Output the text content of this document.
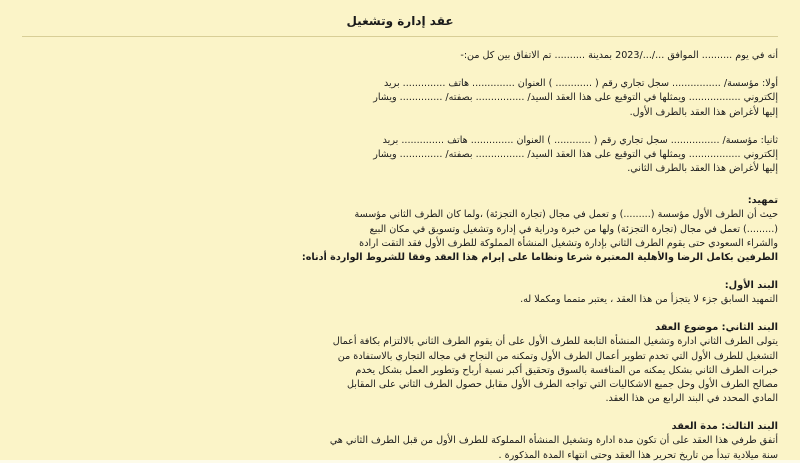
عقد إدارة وتشغيل
أنه في يوم .......... الموافق .../.../2023 بمدينة .......... تم الاتفاق بين كل من:-
أولا: مؤسسة/ ................ سجل تجاري رقم ( ............ ) العنوان .............. هاتف .............. بريد
إلكتروني ................. ويمثلها في التوقيع على هذا العقد السيد/ ................ بصفته/ .............. ويشار
إليها لأغراض هذا العقد بالطرف الأول.
ثانيا: مؤسسة/ ................ سجل تجاري رقم ( ............ ) العنوان .............. هاتف .............. بريد
إلكتروني ................. ويمثلها في التوقيع على هذا العقد السيد/ ................ بصفته/ .............. ويشار
إليها لأغراض هذا العقد بالطرف الثاني.
تمهيد:
حيث أن الطرف الأول مؤسسة (.........) و تعمل في مجال (تجارة التجزئة) ،ولما كان الطرف الثاني مؤسسة
(.........) تعمل في مجال (تجارة التجزئة) ولها من خبرة ودراية في إدارة وتشغيل وتسويق في مكان البيع
والشراء السعودي حتى يقوم الطرف الثاني بإدارة وتشغيل المنشأة المملوكة للطرف الأول فقد التقت ارادة
الطرفين بكامل الرضا والأهلية المعتبرة شرعا ونظاما على إبرام هذا العقد وفقا للشروط الواردة أدناه:
البند الأول:
التمهيد السابق جزء لا يتجزأ من هذا العقد ، يعتبر متمما ومكملا له.
البند الثاني: موضوع العقد
يتولى الطرف الثاني ادارة وتشغيل المنشأة التابعة للطرف الأول على أن يقوم الطرف الثاني بالالتزام بكافة أعمال
التشغيل للطرف الأول التي تخدم تطوير أعمال الطرف الأول وتمكنه من النجاح في مجاله التجاري بالاستفادة من
خبرات الطرف الثاني بشكل يمكنه من المنافسة بالسوق وتحقيق أكبر نسبة أرباح وتطوير العمل بشكل يخدم
مصالح الطرف الأول وحل جميع الاشكاليات التي تواجه الطرف الأول مقابل حصول الطرف الثاني على المقابل
المادي المحدد في البند الرابع من هذا العقد.
البند الثالث: مدة العقد
أتفق طرفي هذا العقد على أن تكون مدة ادارة وتشغيل المنشأة المملوكة للطرف الأول من قبل الطرف الثاني هي
سنة ميلادية تبدأ من تاريخ تحرير هذا العقد وحتى انتهاء المدة المذكورة .
